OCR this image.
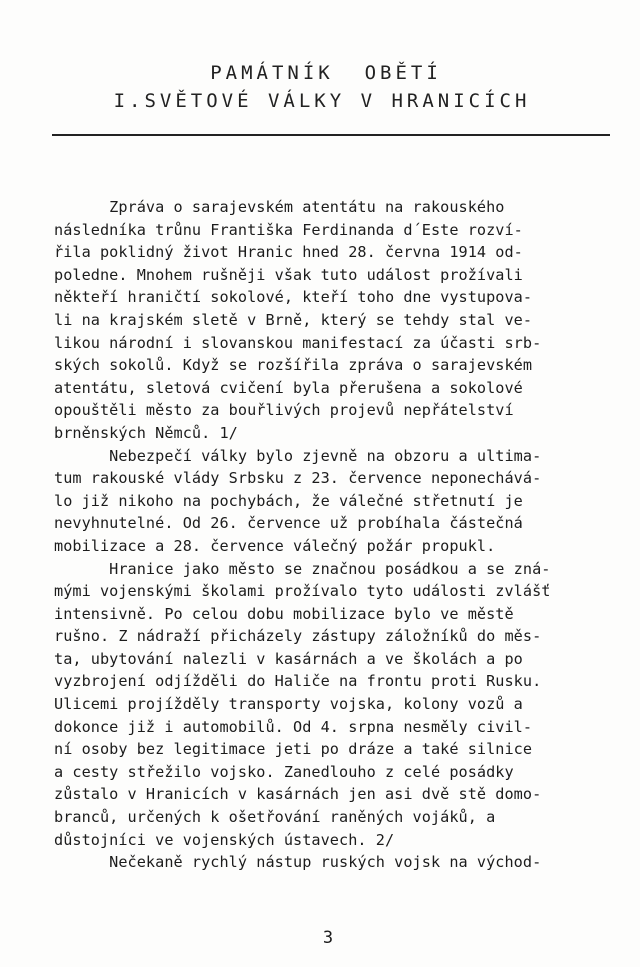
PAMÁTNÍK  OBĚTÍ
I.SVĚTOVÉ VÁLKY V HRANICÍCH
Zpráva o sarajevském atentátu na rakouského
následníka trůnu Františka Ferdinanda d´Este rozví-
řila poklidný život Hranic hned 28. června 1914 od-
poledne. Mnohem rušněji však tuto událost prožívali
někteří hraničtí sokolové, kteří toho dne vystupova-
li na krajském sletě v Brně, který se tehdy stal ve-
likou národní i slovanskou manifestací za účasti srb-
ských sokolů. Když se rozšířila zpráva o sarajevském
atentátu, sletová cvičení byla přerušena a sokolové
opouštěli město za bouřlivých projevů nepřátelství
brněnských Němců. 1/
Nebezpečí války bylo zjevně na obzoru a ultima-
tum rakouské vlády Srbsku z 23. července neponechává-
lo již nikoho na pochybách, že válečné střetnutí je
nevyhnutelné. Od 26. července už probíhala částečná
mobilizace a 28. července válečný požár propukl.
Hranice jako město se značnou posádkou a se zná-
mými vojenskými školami prožívalo tyto události zvlášť
intensivně. Po celou dobu mobilizace bylo ve městě
rušno. Z nádraží přicházely zástupy záložníků do měs-
ta, ubytování nalezli v kasárnách a ve školách a po
vyzbrojení odjížděli do Haliče na frontu proti Rusku.
Ulicemi projížděly transporty vojska, kolony vozů a
dokonce již i automobilů. Od 4. srpna nesměly civil-
ní osoby bez legitimace jeti po dráze a také silnice
a cesty střežilo vojsko. Zanedlouho z celé posádky
zůstalo v Hranicích v kasárnách jen asi dvě stě domo-
branců, určených k ošetřování raněných vojáků, a
důstojníci ve vojenských ústavech. 2/
Nečekaně rychlý nástup ruských vojsk na východ-
3
